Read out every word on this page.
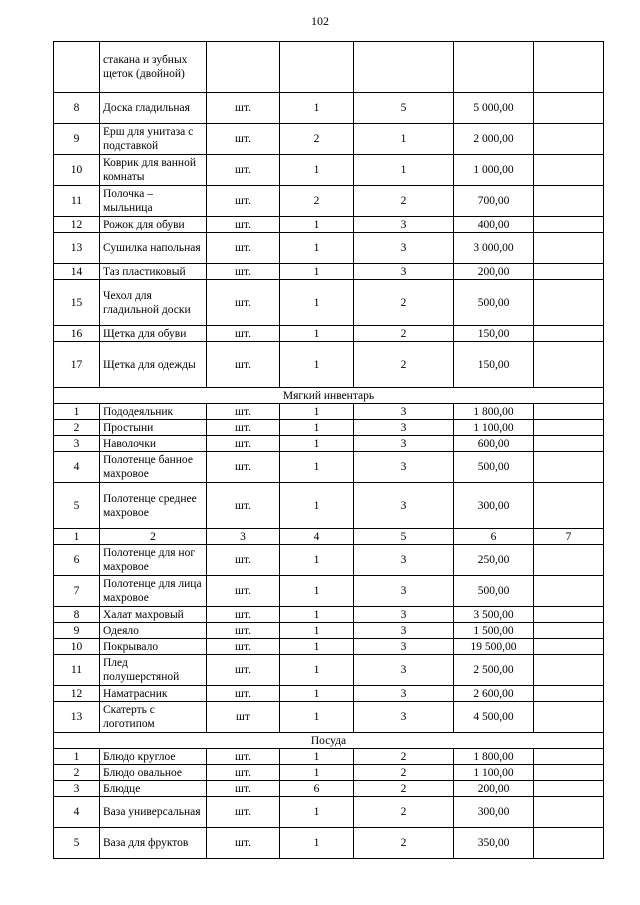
102
	стакана и зубных щеток (двойной)					
8	Доска гладильная	шт.	1	5	5 000,00	
9	Ерш для унитаза с подставкой	шт.	2	1	2 000,00	
10	Коврик для ванной комнаты	шт.	1	1	1 000,00	
11	Полочка – мыльница	шт.	2	2	700,00	
12	Рожок для обуви	шт.	1	3	400,00	
13	Сушилка напольная	шт.	1	3	3 000,00	
14	Таз пластиковый	шт.	1	3	200,00	
15	Чехол для гладильной доски	шт.	1	2	500,00	
16	Щетка для обуви	шт.	1	2	150,00	
17	Щетка для одежды	шт.	1	2	150,00	
Мягкий инвентарь						
1	Пододеяльник	шт.	1	3	1 800,00	
2	Простыни	шт.	1	3	1 100,00	
3	Наволочки	шт.	1	3	600,00	
4	Полотенце банное махровое	шт.	1	3	500,00	
5	Полотенце среднее махровое	шт.	1	3	300,00	
1	2	3	4	5	6	7
6	Полотенце для ног махровое	шт.	1	3	250,00	
7	Полотенце для лица махровое	шт.	1	3	500,00	
8	Халат махровый	шт.	1	3	3 500,00	
9	Одеяло	шт.	1	3	1 500,00	
10	Покрывало	шт.	1	3	19 500,00	
11	Плед полушерстяной	шт.	1	3	2 500,00	
12	Наматрасник	шт.	1	3	2 600,00	
13	Скатерть с логотипом	шт	1	3	4 500,00	
Посуда						
1	Блюдо круглое	шт.	1	2	1 800,00	
2	Блюдо овальное	шт.	1	2	1 100,00	
3	Блюдце	шт.	6	2	200,00	
4	Ваза универсальная	шт.	1	2	300,00	
5	Ваза для фруктов	шт.	1	2	350,00	
